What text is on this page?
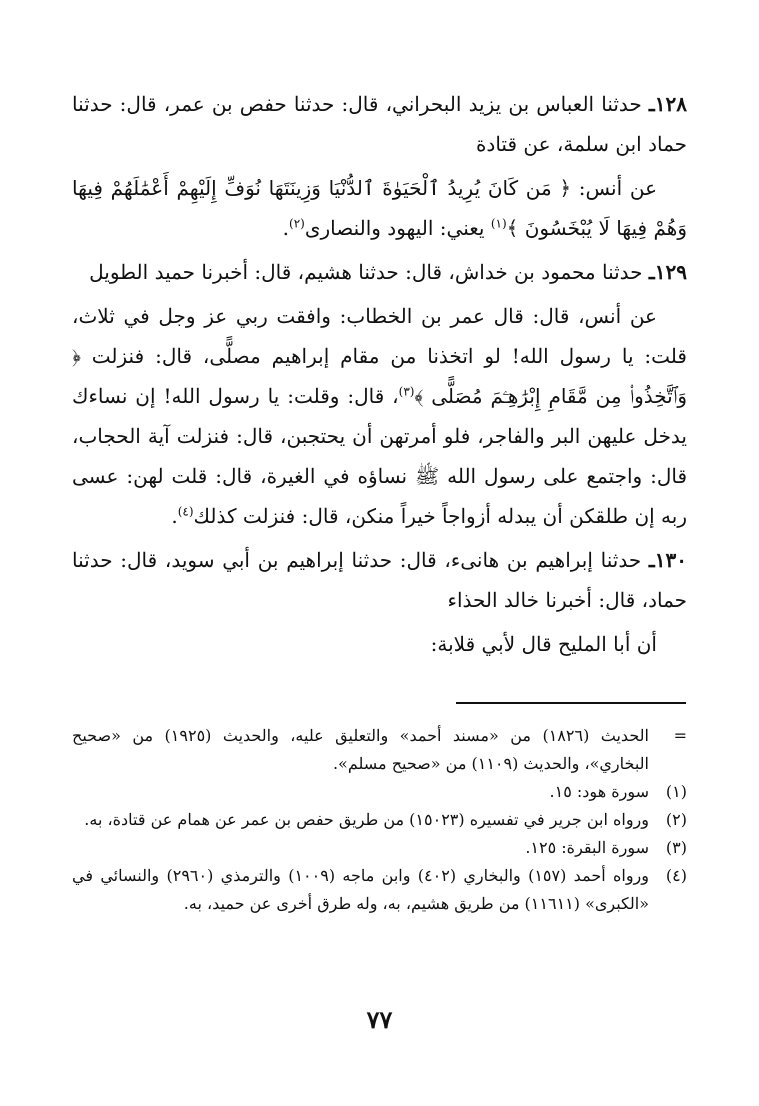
١٢٨ـ حدثنا العباس بن يزيد البحراني، قال: حدثنا حفص بن عمر، قال: حدثنا حماد ابن سلمة، عن قتادة

عن أنس: ﴿ مَن كَانَ يُرِيدُ ٱلْحَيَوٰةَ ٱلدُّنْيَا وَزِينَتَهَا نُوَفِّ إِلَيْهِمْ أَعْمَٰلَهُمْ فِيهَا وَهُمْ فِيهَا لَا يُبْخَسُونَ ﴾$^{(١)}$ يعني: اليهود والنصارى$^{(٢)}$.

١٢٩ـ حدثنا محمود بن خداش، قال: حدثنا هشيم، قال: أخبرنا حميد الطويل

عن أنس، قال: قال عمر بن الخطاب: وافقت ربي عز وجل في ثلاث، قلت: يا رسول الله! لو اتخذنا من مقام إبراهيم مصلًّى، قال: فنزلت ﴿ وَٱتَّخِذُوا۟ مِن مَّقَامِ إِبْرَٰهِـۧمَ مُصَلًّى ﴾$^{(٣)}$، قال: وقلت: يا رسول الله! إن نساءك يدخل عليهن البر والفاجر، فلو أمرتهن أن يحتجبن، قال: فنزلت آية الحجاب، قال: واجتمع على رسول الله ﷺ نساؤه في الغيرة، قال: قلت لهن: عسى ربه إن طلقكن أن يبدله أزواجاً خيراً منكن، قال: فنزلت كذلك$^{(٤)}$.

١٣٠ـ حدثنا إبراهيم بن هانىء، قال: حدثنا إبراهيم بن أبي سويد، قال: حدثنا حماد، قال: أخبرنا خالد الحذاء

أن أبا المليح قال لأبي قلابة:

=
الحديث (١٨٢٦) من «مسند أحمد» والتعليق عليه، والحديث (١٩٢٥) من «صحيح البخاري»، والحديث (١١٠٩) من «صحيح مسلم».
(١)
سورة هود: ١٥.
(٢)
ورواه ابن جرير في تفسيره (١٥٠٢٣) من طريق حفص بن عمر عن همام عن قتادة، به.
(٣)
سورة البقرة: ١٢٥.
(٤)
ورواه أحمد (١٥٧) والبخاري (٤٠٢) وابن ماجه (١٠٠٩) والترمذي (٢٩٦٠) والنسائي في «الكبرى» (١١٦١١) من طريق هشيم، به، وله طرق أخرى عن حميد، به.
٧٧
